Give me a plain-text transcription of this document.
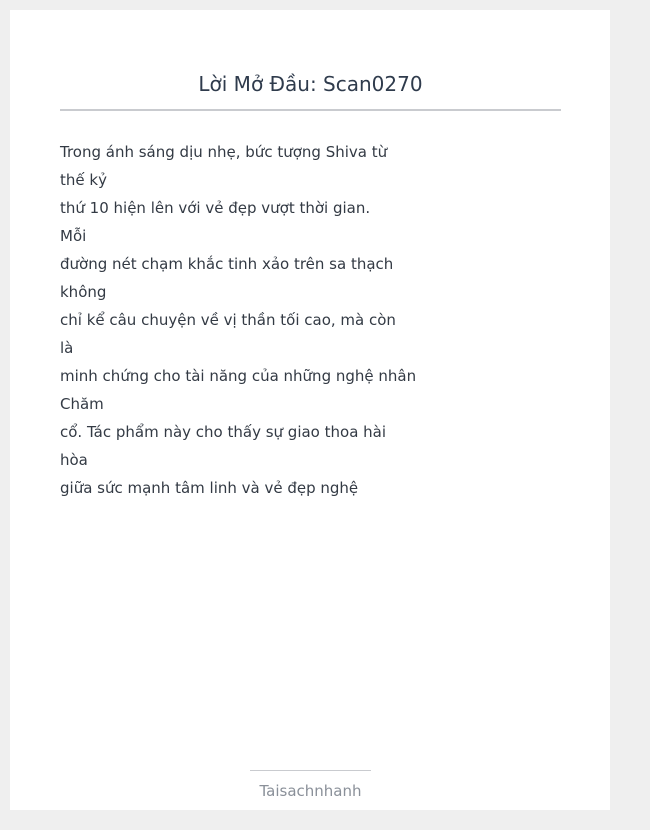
Lời Mở Đầu: Scan0270
Trong ánh sáng dịu nhẹ, bức tượng Shiva từ
thế kỷ
thứ 10 hiện lên với vẻ đẹp vượt thời gian.
Mỗi
đường nét chạm khắc tinh xảo trên sa thạch
không
chỉ kể câu chuyện về vị thần tối cao, mà còn
là
minh chứng cho tài năng của những nghệ nhân
Chăm
cổ. Tác phẩm này cho thấy sự giao thoa hài
hòa
giữa sức mạnh tâm linh và vẻ đẹp nghệ
Taisachnhanh
